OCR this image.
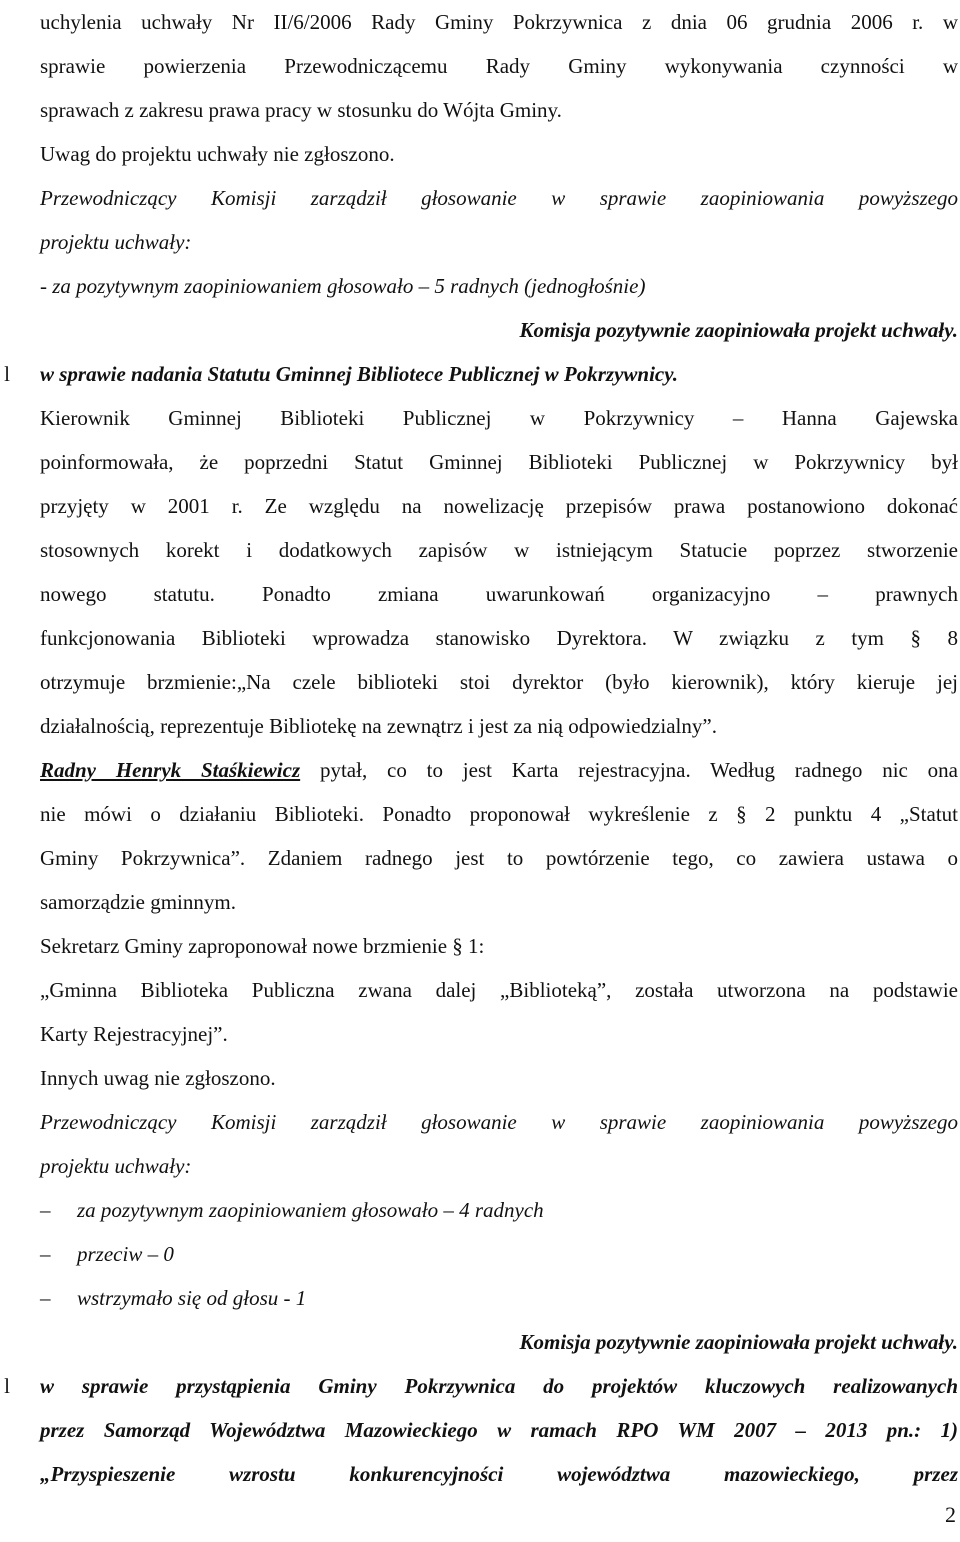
uchylenia uchwały Nr II/6/2006 Rady Gminy Pokrzywnica z dnia 06 grudnia 2006 r. w
sprawie powierzenia Przewodniczącemu Rady Gminy wykonywania czynności w
sprawach z zakresu prawa pracy w stosunku do Wójta Gminy.
Uwag do projektu uchwały nie zgłoszono.
Przewodniczący Komisji zarządził głosowanie w sprawie zaopiniowania powyższego
projektu uchwały:
- za pozytywnym zaopiniowaniem głosowało – 5 radnych (jednogłośnie)
Komisja pozytywnie zaopiniowała projekt uchwały.
l w sprawie nadania Statutu Gminnej Bibliotece Publicznej w Pokrzywnicy.
Kierownik Gminnej Biblioteki Publicznej w Pokrzywnicy – Hanna Gajewska
poinformowała, że poprzedni Statut Gminnej Biblioteki Publicznej w Pokrzywnicy był
przyjęty w 2001 r. Ze względu na nowelizację przepisów prawa postanowiono dokonać
stosownych korekt i dodatkowych zapisów w istniejącym Statucie poprzez stworzenie
nowego statutu. Ponadto zmiana uwarunkowań organizacyjno – prawnych
funkcjonowania Biblioteki wprowadza stanowisko Dyrektora. W związku z tym § 8
otrzymuje brzmienie:„Na czele biblioteki stoi dyrektor (było kierownik), który kieruje jej
działalnością, reprezentuje Bibliotekę na zewnątrz i jest za nią odpowiedzialny”.
Radny Henryk Staśkiewicz pytał, co to jest Karta rejestracyjna. Według radnego nic ona
nie mówi o działaniu Biblioteki. Ponadto proponował wykreślenie z § 2 punktu 4 „Statut
Gminy Pokrzywnica”. Zdaniem radnego jest to powtórzenie tego, co zawiera ustawa o
samorządzie gminnym.
Sekretarz Gminy zaproponował nowe brzmienie § 1:
„Gminna Biblioteka Publiczna zwana dalej „Biblioteką”, została utworzona na podstawie
Karty Rejestracyjnej”.
Innych uwag nie zgłoszono.
Przewodniczący Komisji zarządził głosowanie w sprawie zaopiniowania powyższego
projektu uchwały:
– za pozytywnym zaopiniowaniem głosowało – 4 radnych
– przeciw – 0
– wstrzymało się od głosu - 1
Komisja pozytywnie zaopiniowała projekt uchwały.
l w sprawie przystąpienia Gminy Pokrzywnica do projektów kluczowych realizowanych
przez Samorząd Województwa Mazowieckiego w ramach RPO WM 2007 – 2013 pn.: 1)
„Przyspieszenie wzrostu konkurencyjności województwa mazowieckiego, przez
2
